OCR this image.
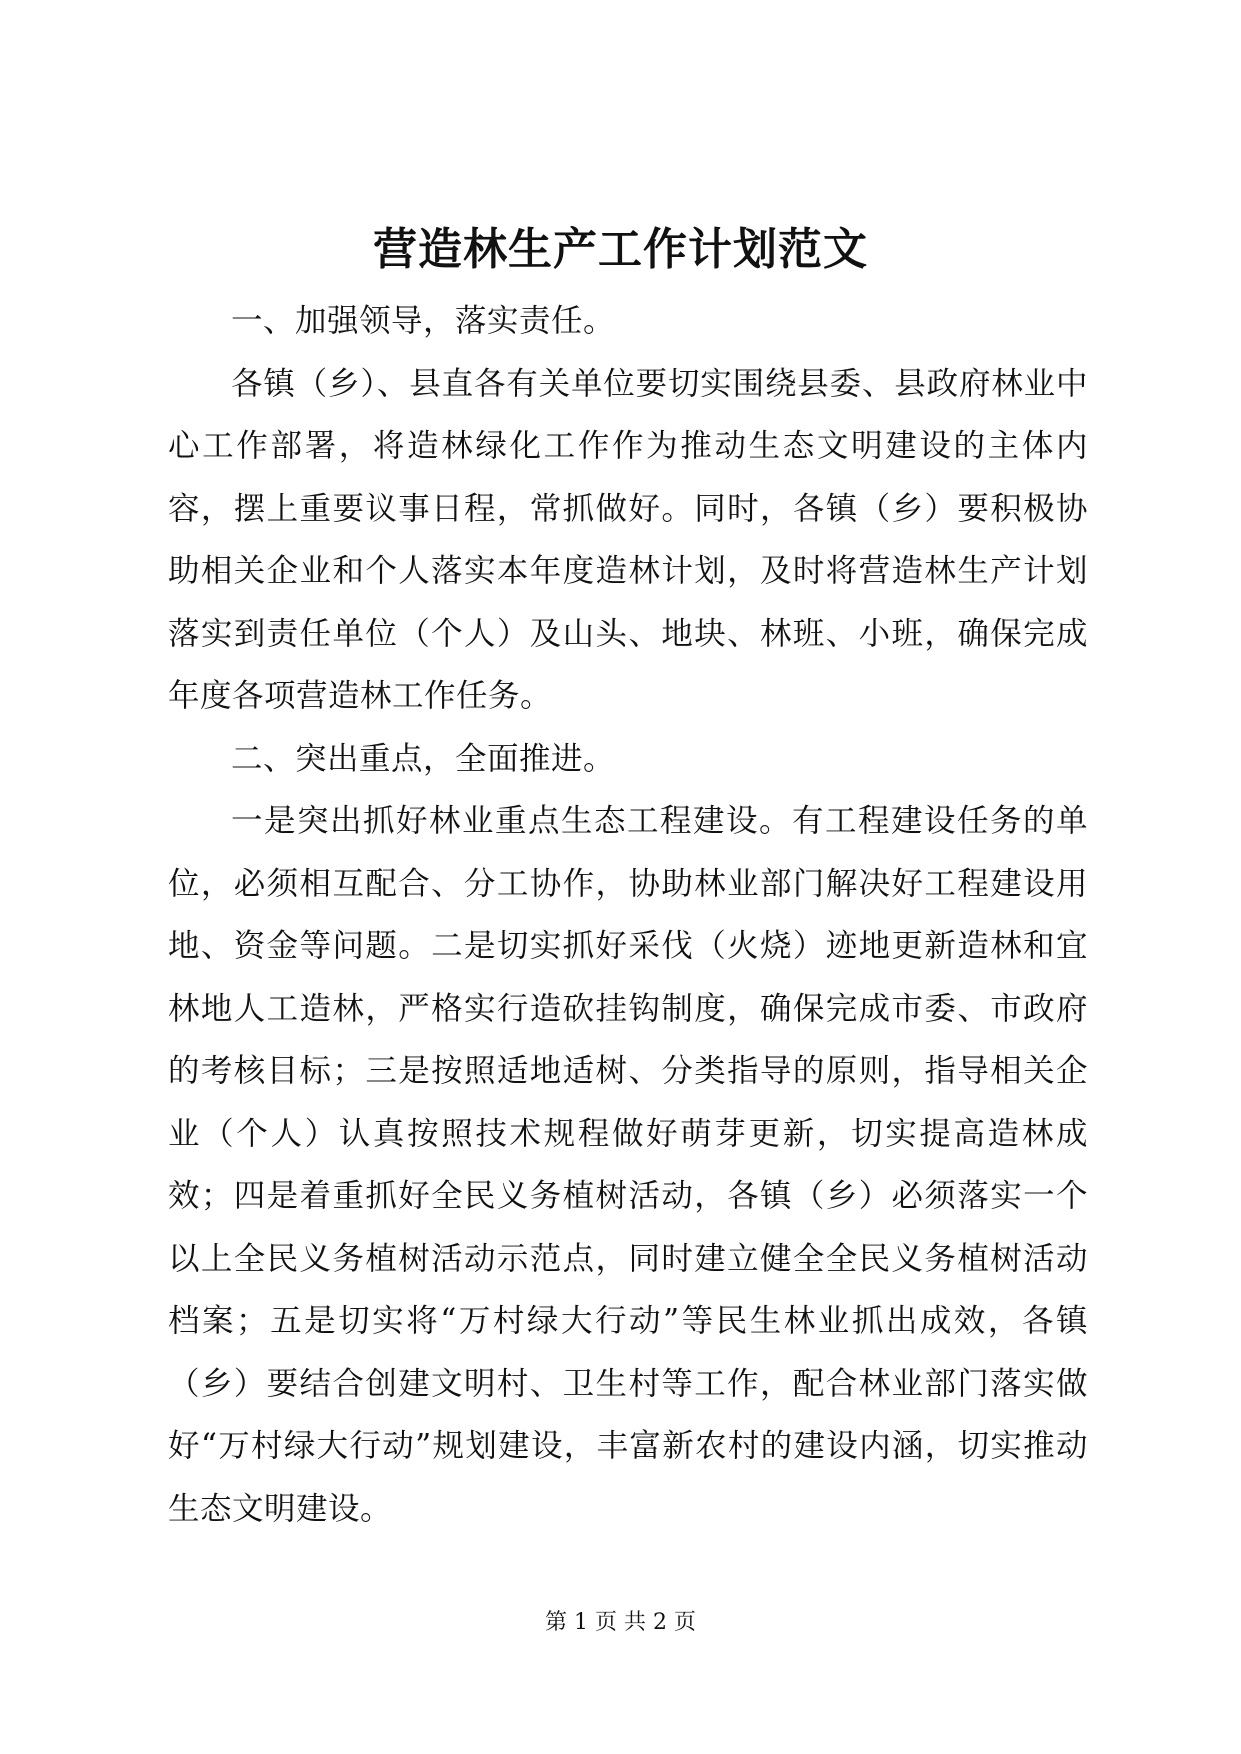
营造林生产工作计划范文

一、加强领导，落实责任。

各镇（乡）、县直各有关单位要切实围绕县委、县政府林业中心工作部署，将造林绿化工作作为推动生态文明建设的主体内容，摆上重要议事日程，常抓做好。同时，各镇（乡）要积极协助相关企业和个人落实本年度造林计划，及时将营造林生产计划落实到责任单位（个人）及山头、地块、林班、小班，确保完成年度各项营造林工作任务。

二、突出重点，全面推进。

一是突出抓好林业重点生态工程建设。有工程建设任务的单位，必须相互配合、分工协作，协助林业部门解决好工程建设用地、资金等问题。二是切实抓好采伐（火烧）迹地更新造林和宜林地人工造林，严格实行造砍挂钩制度，确保完成市委、市政府的考核目标；三是按照适地适树、分类指导的原则，指导相关企业（个人）认真按照技术规程做好萌芽更新，切实提高造林成效；四是着重抓好全民义务植树活动，各镇（乡）必须落实一个以上全民义务植树活动示范点，同时建立健全全民义务植树活动档案；五是切实将“万村绿大行动”等民生林业抓出成效，各镇（乡）要结合创建文明村、卫生村等工作，配合林业部门落实做好“万村绿大行动”规划建设，丰富新农村的建设内涵，切实推动生态文明建设。

第 1 页 共 2 页
